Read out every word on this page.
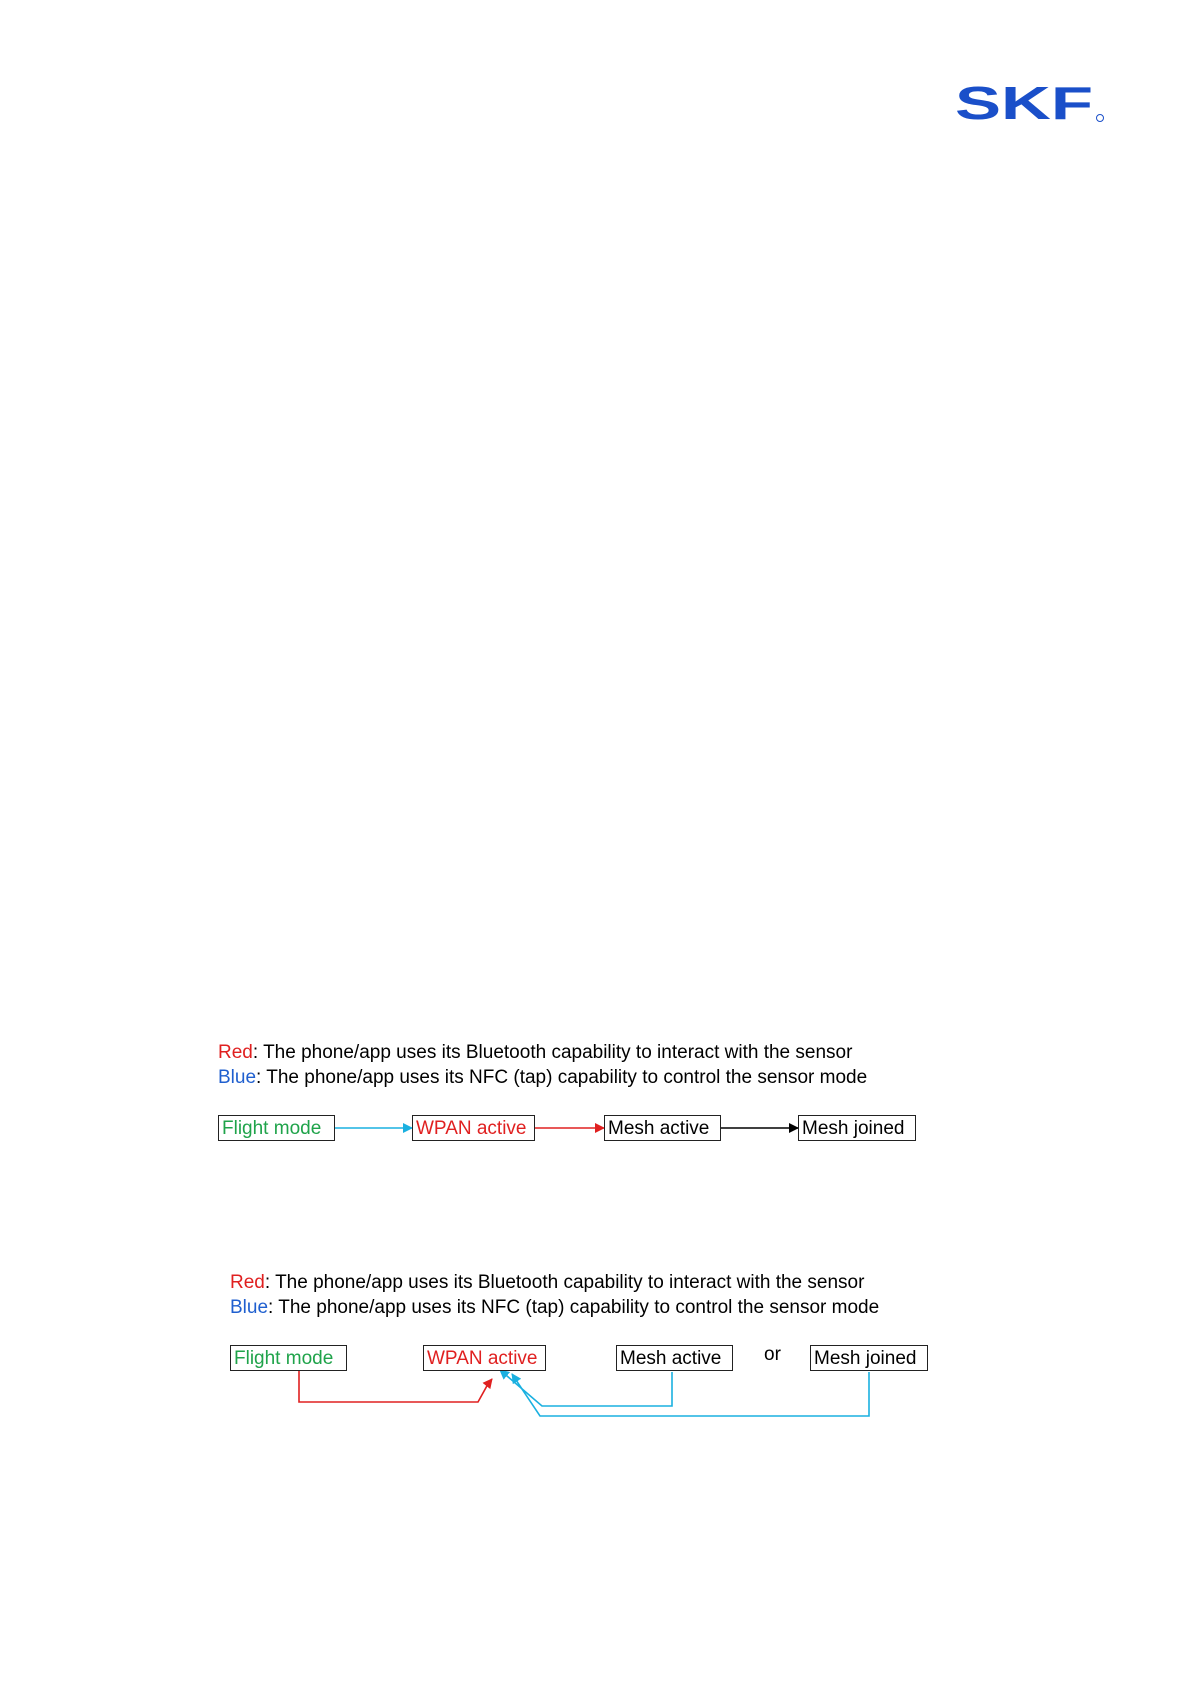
SKF
Red: The phone/app uses its Bluetooth capability to interact with the sensor
Blue: The phone/app uses its NFC (tap) capability to control the sensor mode
Flight mode	WPAN active	Mesh active	Mesh joined
Red: The phone/app uses its Bluetooth capability to interact with the sensor
Blue: The phone/app uses its NFC (tap) capability to control the sensor mode
Flight mode	WPAN active	Mesh active	or Mesh joined
